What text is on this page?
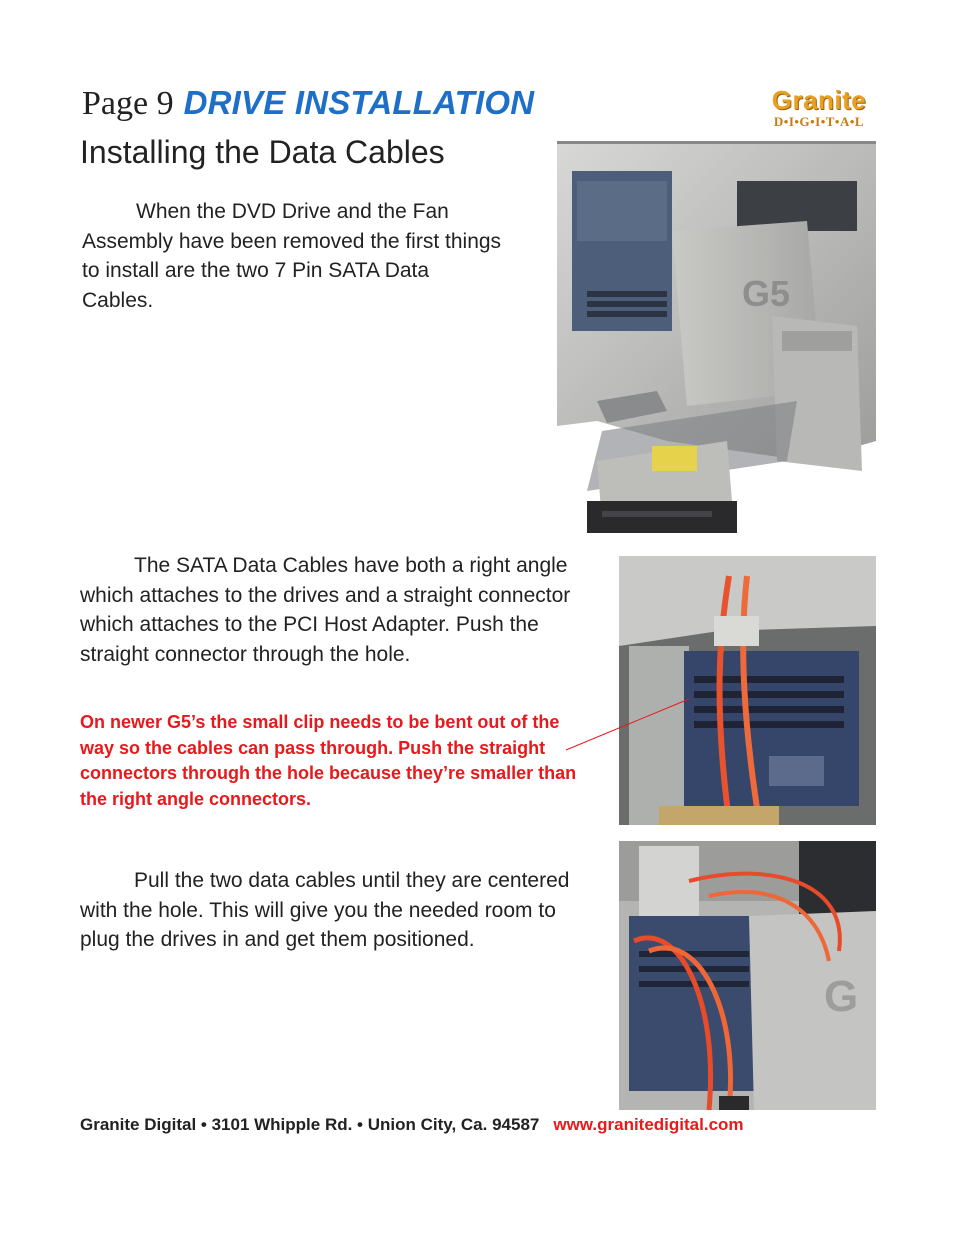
Page 9 DRIVE INSTALLATION
Installing the Data Cables
Granite
D•I•G•I•T•A•L

When the DVD Drive and the Fan Assembly have been removed the first things to install are the two 7 Pin SATA Data Cables.

The SATA Data Cables have both a right angle which attaches to the drives and a straight connector which attaches to the PCI Host Adapter. Push the straight connector through the hole.

On newer G5’s the small clip needs to be bent out of the way so the cables can pass through. Push the straight connectors through the hole because they’re smaller than the right angle connectors.

Pull the two data cables until they are centered with the hole. This will give you the needed room to plug the drives in and get them positioned.

G5
G
Granite Digital • 3101 Whipple Rd. • Union City, Ca. 94587 www.granitedigital.com
